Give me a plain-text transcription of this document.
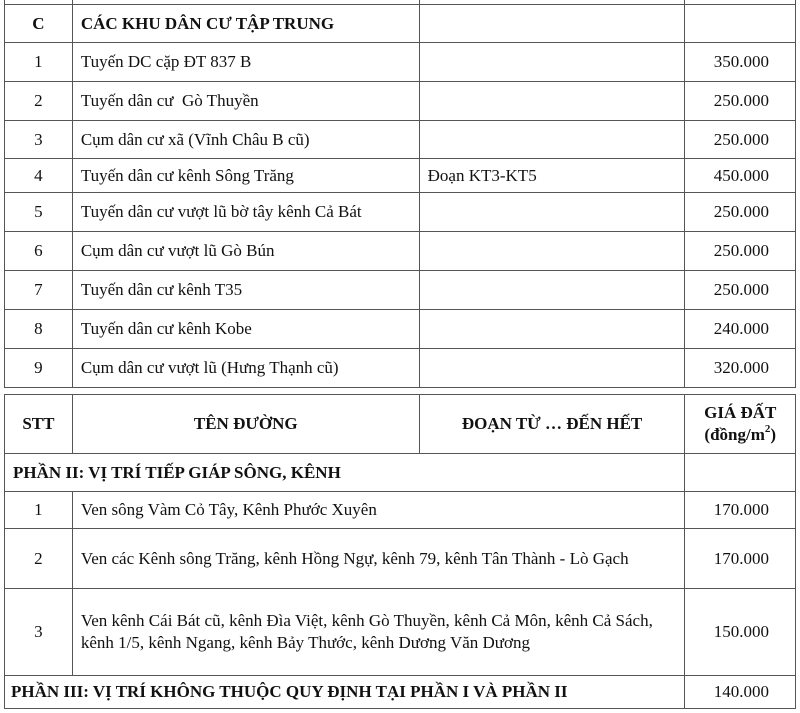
C	CÁC KHU DÂN CƯ TẬP TRUNG		
1	Tuyến DC cặp ĐT 837 B		350.000
2	Tuyến dân cư  Gò Thuyền		250.000
3	Cụm dân cư xã (Vĩnh Châu B cũ)		250.000
4	Tuyến dân cư kênh Sông Trăng	Đoạn KT3-KT5	450.000
5	Tuyến dân cư vượt lũ bờ tây kênh Cả Bát		250.000
6	Cụm dân cư vượt lũ Gò Bún		250.000
7	Tuyến dân cư kênh T35		250.000
8	Tuyến dân cư kênh Kobe		240.000
9	Cụm dân cư vượt lũ (Hưng Thạnh cũ)		320.000
STT	TÊN ĐƯỜNG	ĐOẠN TỪ … ĐẾN HẾT	GIÁ ĐẤT
$(đồng/m^2)$

PHẦN II: VỊ TRÍ TIẾP GIÁP SÔNG, KÊNH			
1	Ven sông Vàm Cỏ Tây, Kênh Phước Xuyên		170.000
2	Ven các Kênh sông Trăng, kênh Hồng Ngự, kênh 79, kênh Tân Thành - Lò Gạch		170.000
3	Ven kênh Cái Bát cũ, kênh Đìa Việt, kênh Gò Thuyền, kênh Cả Môn, kênh Cả Sách, kênh 1/5, kênh Ngang, kênh Bảy Thước, kênh Dương Văn Dương		150.000
PHẦN III: VỊ TRÍ KHÔNG THUỘC QUY ĐỊNH TẠI PHẦN I VÀ PHẦN II			140.000
